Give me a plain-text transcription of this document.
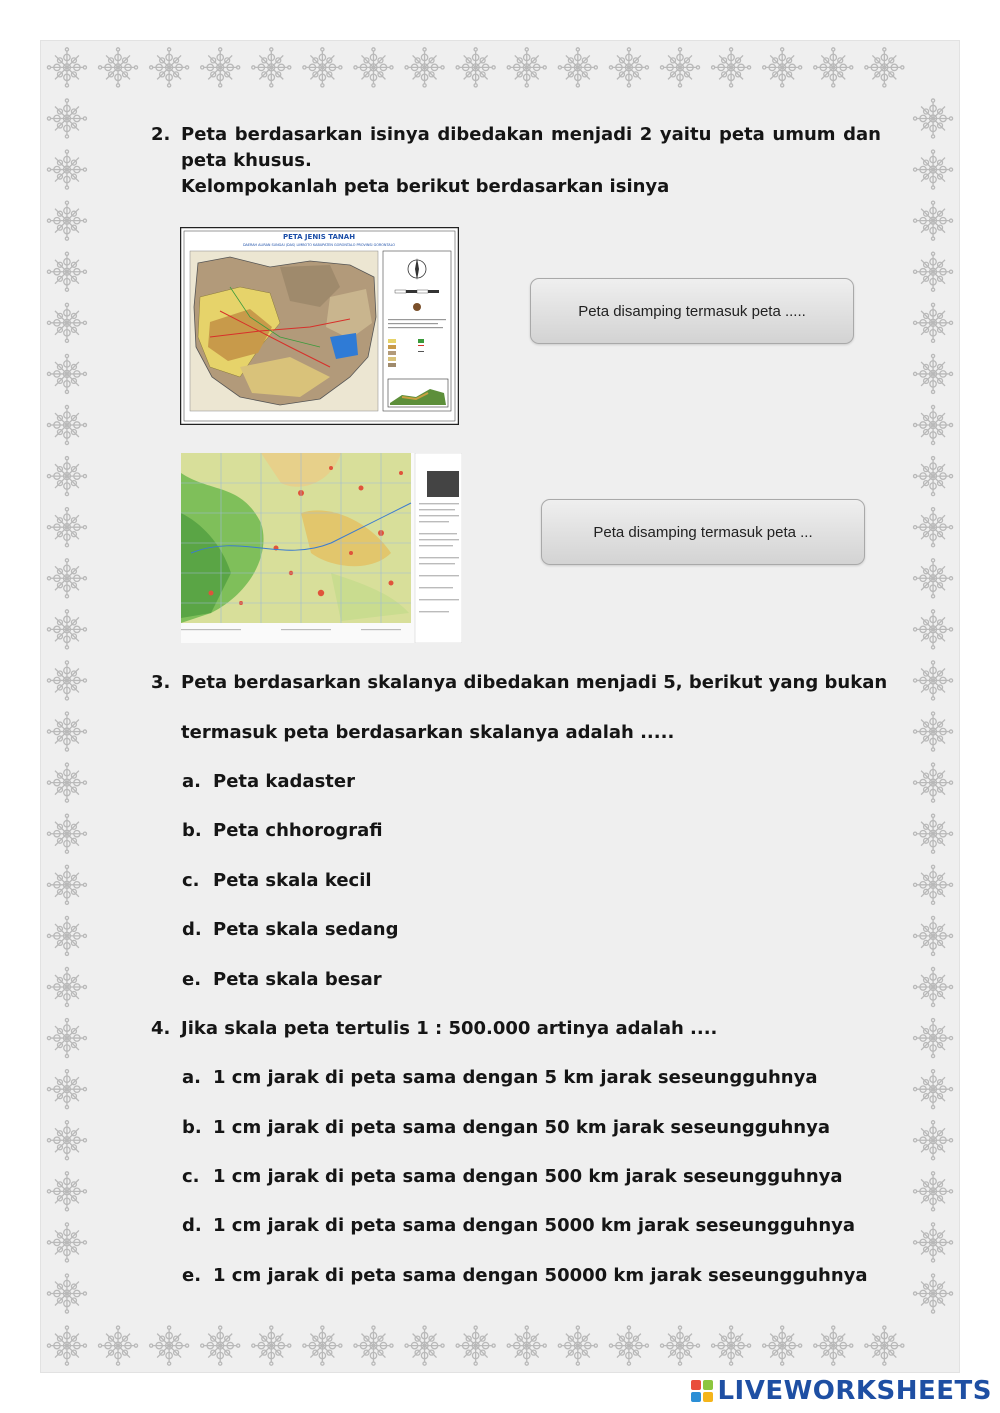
2. Peta berdasarkan isinya dibedakan menjadi 2 yaitu peta umum dan
peta khusus.
Kelompokanlah peta berikut berdasarkan isinya
PETA JENIS TANAH
DAERAH ALIRAN SUNGAI (DAS) LIMBOTO KABUPATEN GORONTALO PROVINSI GORONTALO
Peta disamping termasuk peta .....
Peta disamping termasuk peta ...
3. Peta berdasarkan skalanya dibedakan menjadi 5, berikut yang bukan
termasuk peta berdasarkan skalanya adalah .....
a. Peta kadaster
b. Peta chhorografi
c. Peta skala kecil
d. Peta skala sedang
e. Peta skala besar
4. Jika skala peta tertulis 1 : 500.000 artinya adalah ....
a. 1 cm jarak di peta sama dengan 5 km jarak seseungguhnya
b. 1 cm jarak di peta sama dengan 50 km jarak seseungguhnya
c. 1 cm jarak di peta sama dengan 500 km jarak seseungguhnya
d. 1 cm jarak di peta sama dengan 5000 km jarak seseungguhnya
e. 1 cm jarak di peta sama dengan 50000 km jarak seseungguhnya
LIVEWORKSHEETS
